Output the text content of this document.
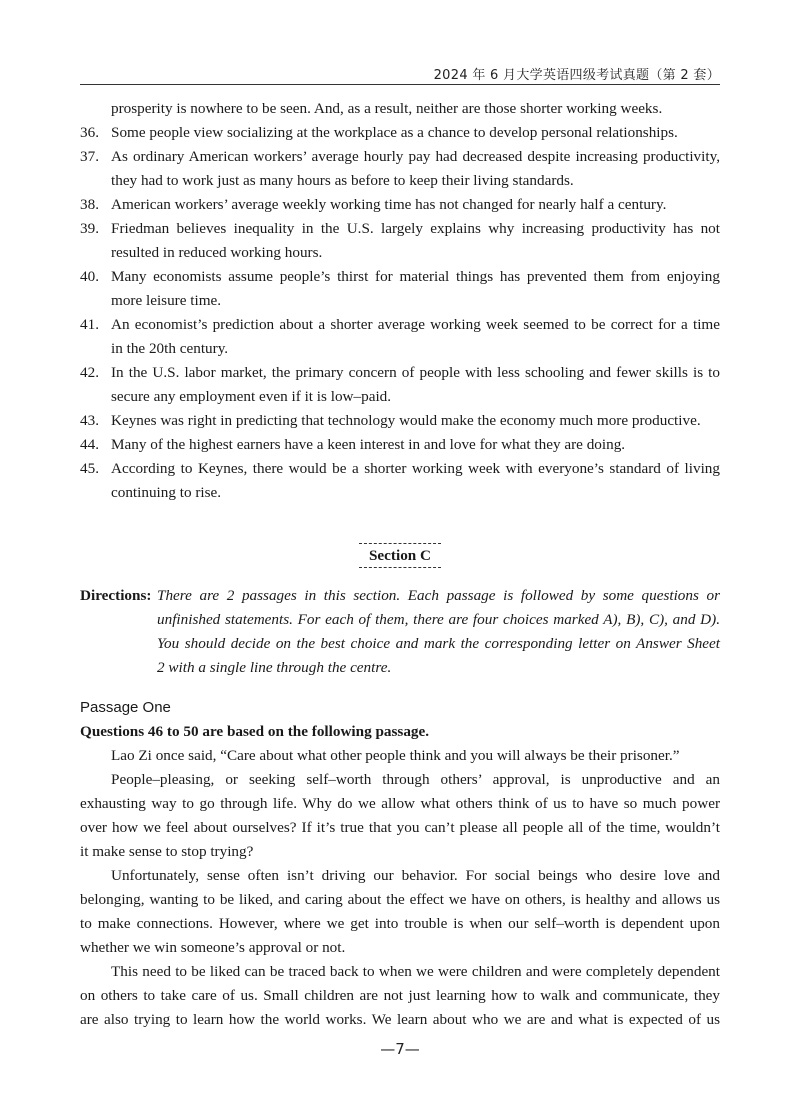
2024 年 6 月大学英语四级考试真题（第 2 套）
prosperity is nowhere to be seen. And, as a result, neither are those shorter working weeks.
36. Some people view socializing at the workplace as a chance to develop personal relationships.
37. As ordinary American workers’ average hourly pay had decreased despite increasing productivity,
they had to work just as many hours as before to keep their living standards.
38. American workers’ average weekly working time has not changed for nearly half a century.
39. Friedman believes inequality in the U.S. largely explains why increasing productivity has not
resulted in reduced working hours.
40. Many economists assume people’s thirst for material things has prevented them from enjoying
more leisure time.
41. An economist’s prediction about a shorter average working week seemed to be correct for a time
in the 20th century.
42. In the U.S. labor market, the primary concern of people with less schooling and fewer skills is to
secure any employment even if it is low–paid.
43. Keynes was right in predicting that technology would make the economy much more productive.
44. Many of the highest earners have a keen interest in and love for what they are doing.
45. According to Keynes, there would be a shorter working week with everyone’s standard of living
continuing to rise.
Section C
Directions: There are 2 passages in this section. Each passage is followed by some questions or
unfinished statements. For each of them, there are four choices marked A), B), C), and D).
You should decide on the best choice and mark the corresponding letter on Answer Sheet
2 with a single line through the centre.
Passage One
Questions 46 to 50 are based on the following passage.
Lao Zi once said, “Care about what other people think and you will always be their prisoner.”
People–pleasing, or seeking self–worth through others’ approval, is unproductive and an
exhausting way to go through life. Why do we allow what others think of us to have so much power
over how we feel about ourselves? If it’s true that you can’t please all people all of the time, wouldn’t
it make sense to stop trying?
Unfortunately, sense often isn’t driving our behavior. For social beings who desire love and
belonging, wanting to be liked, and caring about the effect we have on others, is healthy and allows us
to make connections. However, where we get into trouble is when our self–worth is dependent upon
whether we win someone’s approval or not.
This need to be liked can be traced back to when we were children and were completely dependent
on others to take care of us. Small children are not just learning how to walk and communicate, they
are also trying to learn how the world works. We learn about who we are and what is expected of us
—7—
